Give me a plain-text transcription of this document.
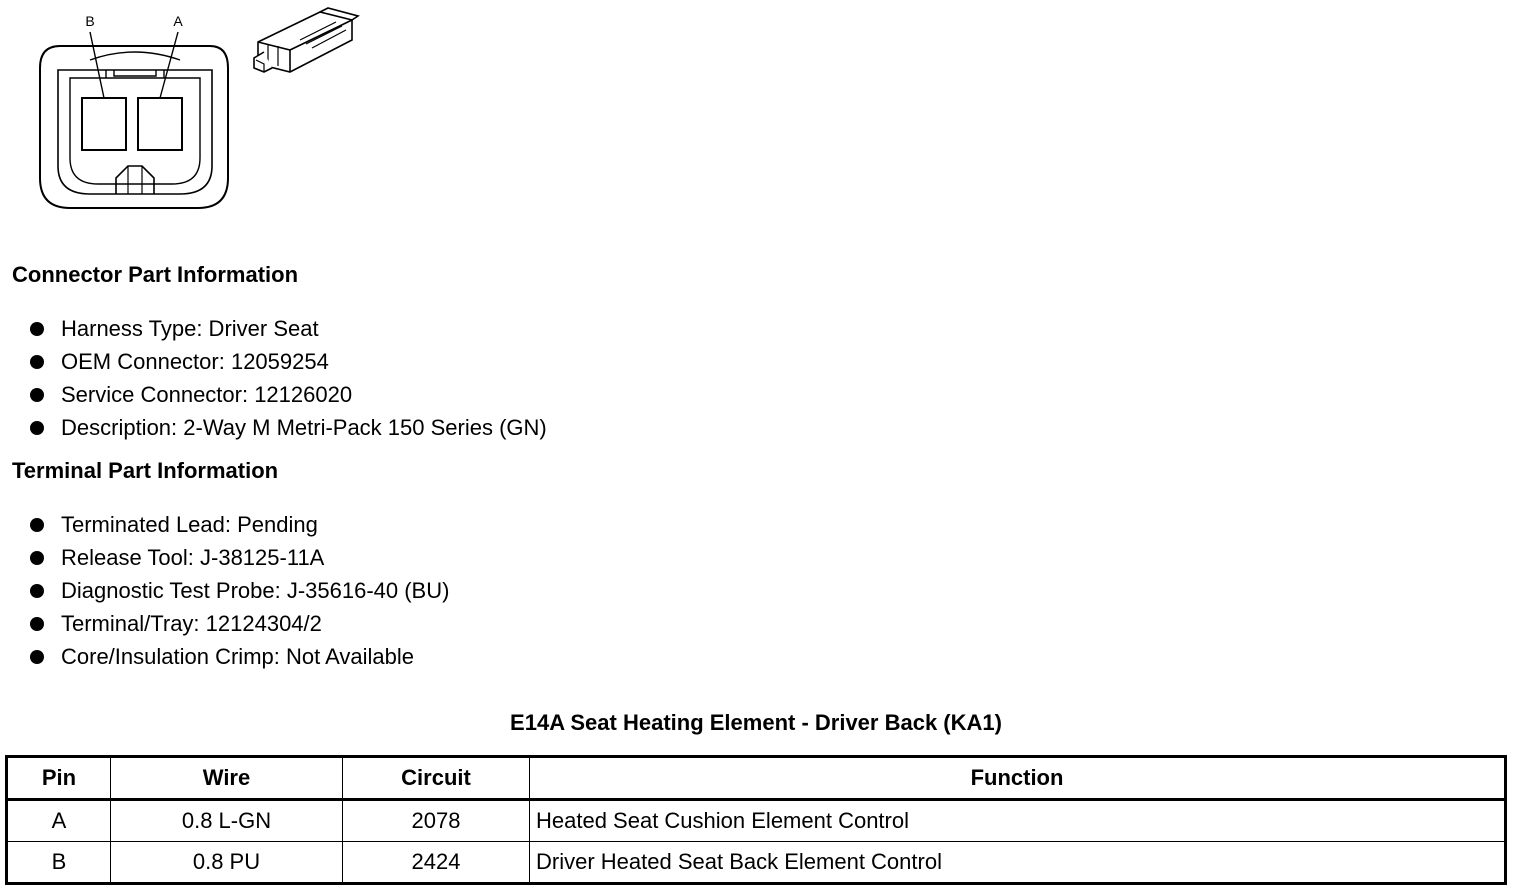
B	A
Connector Part Information
Harness Type: Driver Seat
OEM Connector: 12059254
Service Connector: 12126020
Description: 2-Way M Metri-Pack 150 Series (GN)
Terminal Part Information
Terminated Lead: Pending
Release Tool: J-38125-11A
Diagnostic Test Probe: J-35616-40 (BU)
Terminal/Tray: 12124304/2
Core/Insulation Crimp: Not Available
E14A Seat Heating Element - Driver Back (KA1)
Pin	Wire	Circuit	Function
A	0.8 L-GN	2078	Heated Seat Cushion Element Control
B	0.8 PU	2424	Driver Heated Seat Back Element Control
